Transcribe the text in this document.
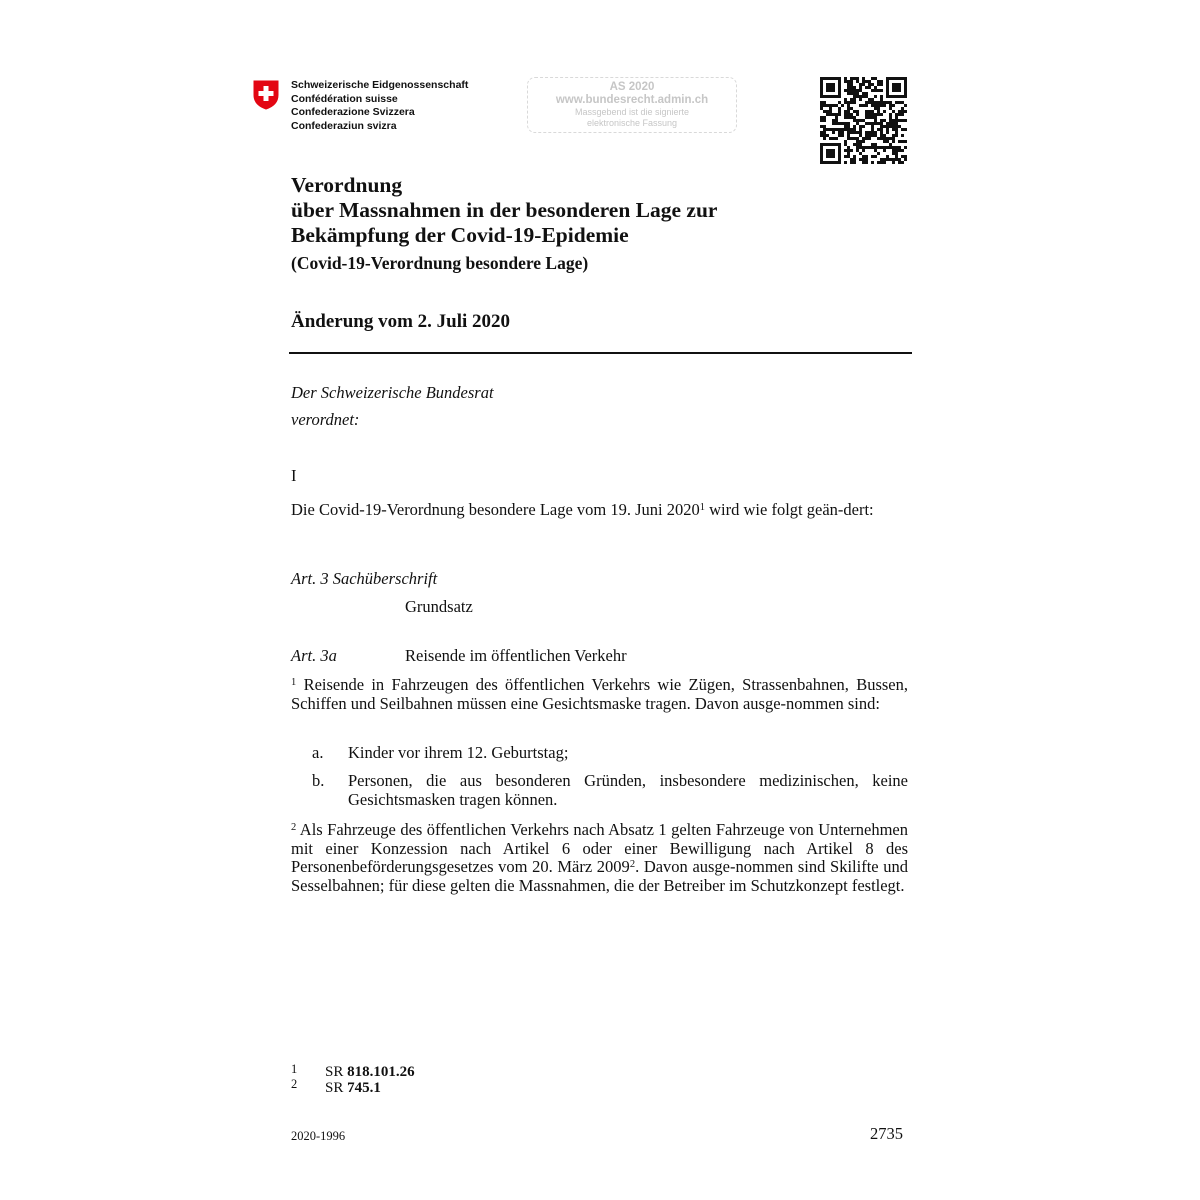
Schweizerische Eidgenossenschaft
Confédération suisse
Confederazione Svizzera
Confederaziun svizra
AS 2020
www.bundesrecht.admin.ch
Massgebend ist die signierte
elektronische Fassung
Verordnung
über Massnahmen in der besonderen Lage zur
Bekämpfung der Covid-19-Epidemie
(Covid-19-Verordnung besondere Lage)
Änderung vom 2. Juli 2020
Der Schweizerische Bundesrat
verordnet:
I
Die Covid-19-Verordnung besondere Lage vom 19. Juni 2020$^1$ wird wie folgt geän-dert:
Art. 3 Sachüberschrift
Grundsatz
Art. 3a	Reisende im öffentlichen Verkehr
$^1$ Reisende in Fahrzeugen des öffentlichen Verkehrs wie Zügen, Strassenbahnen, Bussen, Schiffen und Seilbahnen müssen eine Gesichtsmaske tragen. Davon ausge-nommen sind:
a. Kinder vor ihrem 12. Geburtstag;
b. Personen, die aus besonderen Gründen, insbesondere medizinischen, keine Gesichtsmasken tragen können.
$^2$ Als Fahrzeuge des öffentlichen Verkehrs nach Absatz 1 gelten Fahrzeuge von Unternehmen mit einer Konzession nach Artikel 6 oder einer Bewilligung nach Artikel 8 des Personenbeförderungsgesetzes vom 20. März 2009$^2$. Davon ausge-nommen sind Skilifte und Sesselbahnen; für diese gelten die Massnahmen, die der Betreiber im Schutzkonzept festlegt.
1 SR 818.101.26
2 SR 745.1
2020-1996	2735
